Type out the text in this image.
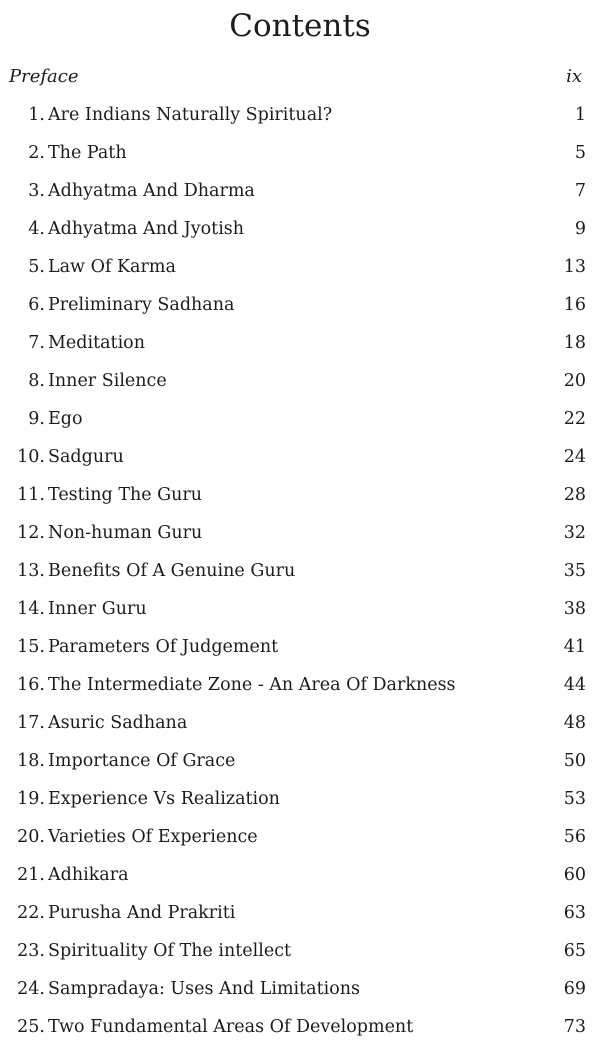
Contents
Preface	ix
1. Are Indians Naturally Spiritual?	1
2. The Path	5
3. Adhyatma And Dharma	7
4. Adhyatma And Jyotish	9
5. Law Of Karma	13
6. Preliminary Sadhana	16
7. Meditation	18
8. Inner Silence	20
9. Ego	22
10. Sadguru	24
11. Testing The Guru	28
12. Non-human Guru	32
13. Benefits Of A Genuine Guru	35
14. Inner Guru	38
15. Parameters Of Judgement	41
16. The Intermediate Zone - An Area Of Darkness	44
17. Asuric Sadhana	48
18. Importance Of Grace	50
19. Experience Vs Realization	53
20. Varieties Of Experience	56
21. Adhikara	60
22. Purusha And Prakriti	63
23. Spirituality Of The intellect	65
24. Sampradaya: Uses And Limitations	69
25. Two Fundamental Areas Of Development	73
